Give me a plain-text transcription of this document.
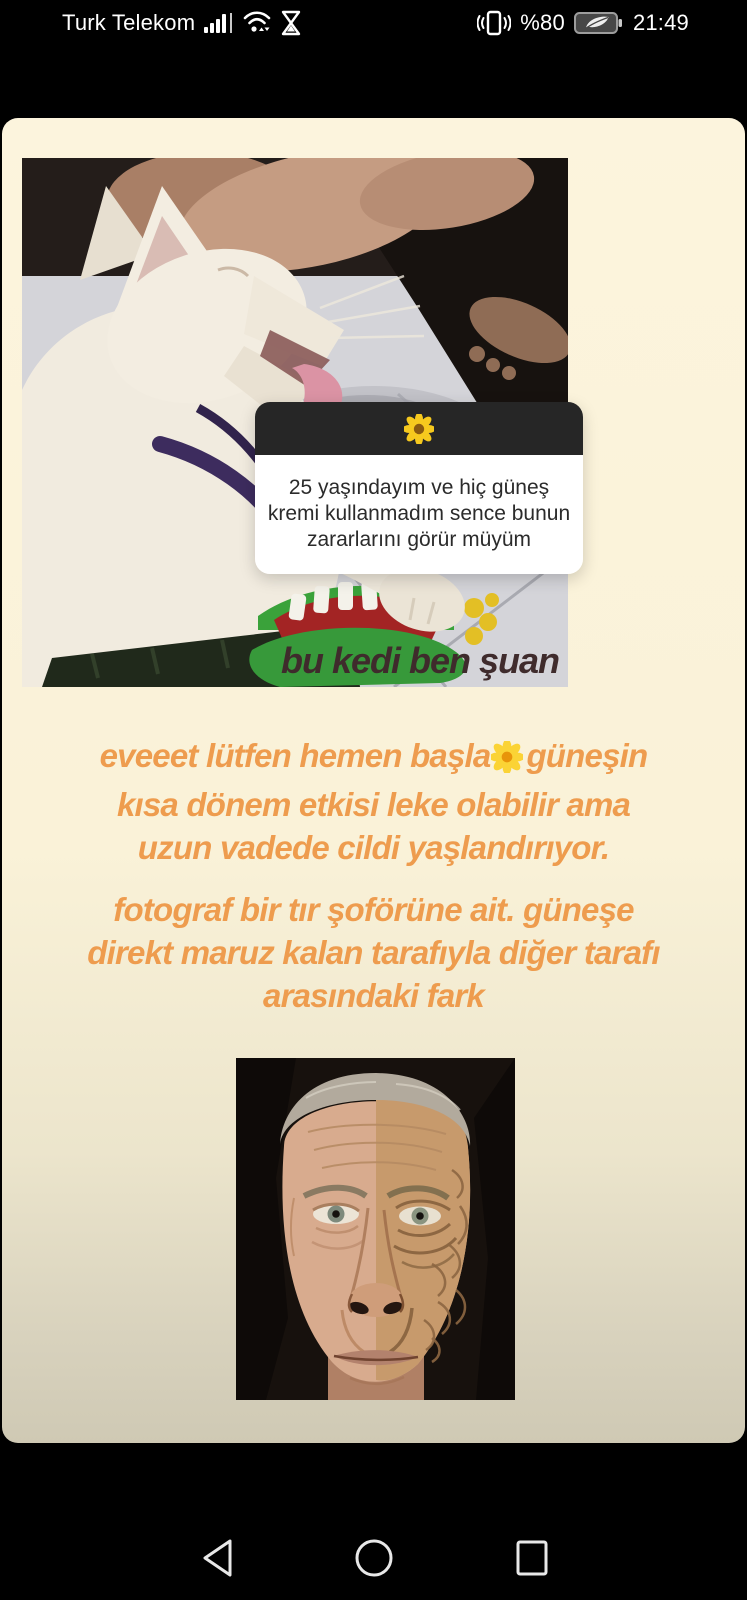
Turk Telekom	%80	21:49
25 yaşındayım ve hiç güneş
kremi kullanmadım sence bunun
zararlarını görür müyüm
bu kedi ben şuan
eveeet lütfen hemen başla güneşin
kısa dönem etkisi leke olabilir ama
uzun vadede cildi yaşlandırıyor.
fotograf bir tır şoförüne ait. güneşe
direkt maruz kalan tarafıyla diğer tarafı
arasındaki fark
